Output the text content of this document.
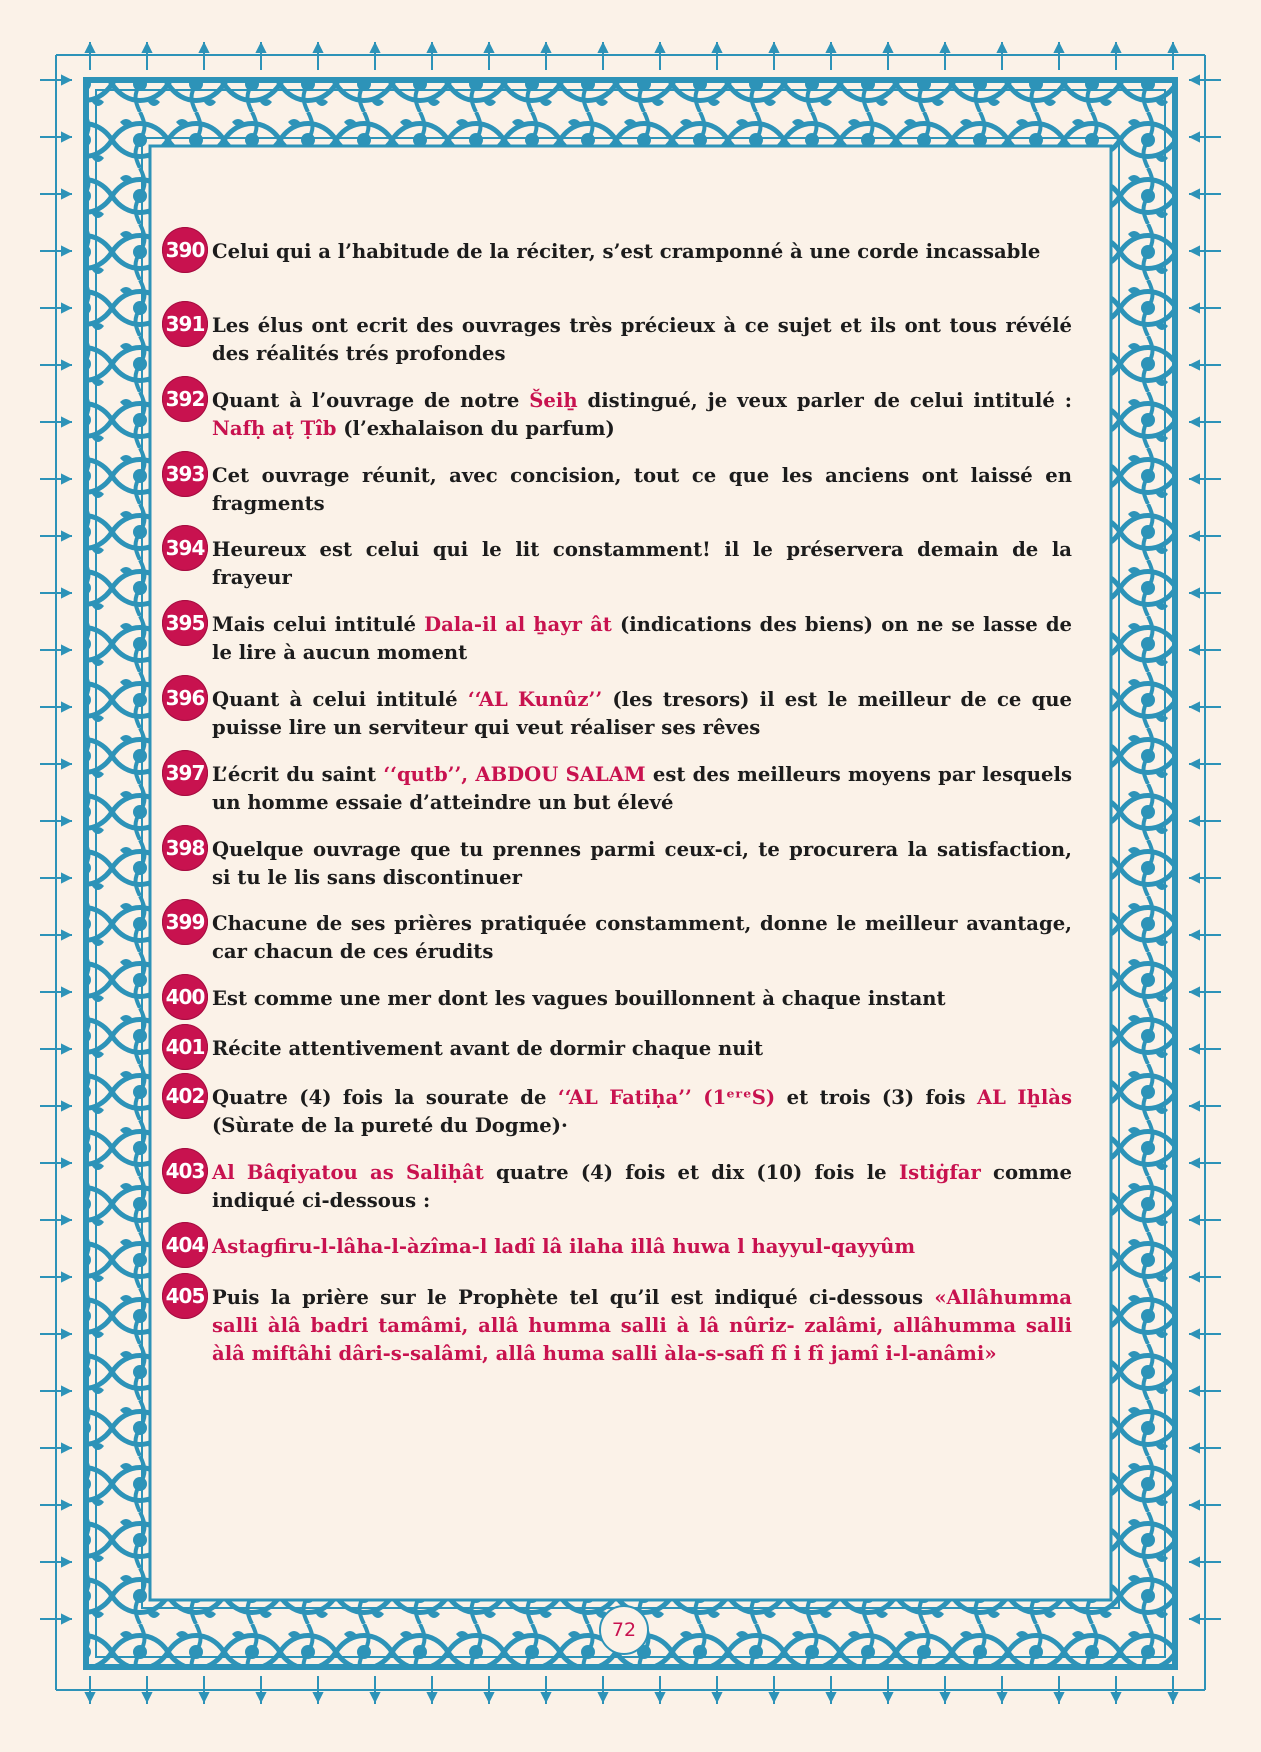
390 Celui qui a l’habitude de la réciter, s’est cramponné à une corde incassable
391 Les élus ont ecrit des ouvrages très précieux à ce sujet et ils ont tous révélé des réalités trés profondes
392 Quant à l’ouvrage de notre Šeiẖ distingué, je veux parler de celui intitulé : Nafḥ aṭ Ṭîb (l’exhalaison du parfum)
393 Cet ouvrage réunit, avec concision, tout ce que les anciens ont laissé en fragments
394 Heureux est celui qui le lit constamment! il le préservera demain de la frayeur
395 Mais celui intitulé Dala-il al ẖayr ât (indications des biens) on ne se lasse de le lire à aucun moment
396 Quant à celui intitulé ‘‘AL Kunûz’’ (les tresors) il est le meilleur de ce que puisse lire un serviteur qui veut réaliser ses rêves
397 L’écrit du saint ‘‘qutb’’, ABDOU SALAM est des meilleurs moyens par lesquels un homme essaie d’atteindre un but élevé
398 Quelque ouvrage que tu prennes parmi ceux-ci, te procurera la satisfaction, si tu le lis sans discontinuer
399 Chacune de ses prières pratiquée constamment, donne le meilleur avantage, car chacun de ces érudits
400 Est comme une mer dont les vagues bouillonnent à chaque instant
401 Récite attentivement avant de dormir chaque nuit
402 Quatre (4) fois la sourate de ‘‘AL Fatiḥa’’ (1ᵉʳᵉS) et trois (3) fois AL Iẖlàs (Sùrate de la pureté du Dogme)·
403 Al Bâqiyatou as Saliḥât quatre (4) fois et dix (10) fois le Istiġfar comme indiqué ci-dessous :
404 Astagfiru-l-lâha-l-àzîma-l ladî lâ ilaha illâ huwa l hayyul-qayyûm
405 Puis la prière sur le Prophète tel qu’il est indiqué ci-dessous «Allâhumma salli àlâ badri tamâmi, allâ humma salli à lâ nûriz- zalâmi, allâhumma salli àlâ miftâhi dâri-s-salâmi, allâ huma salli àla-s-safî fî i fî jamî i-l-anâmi»
72
